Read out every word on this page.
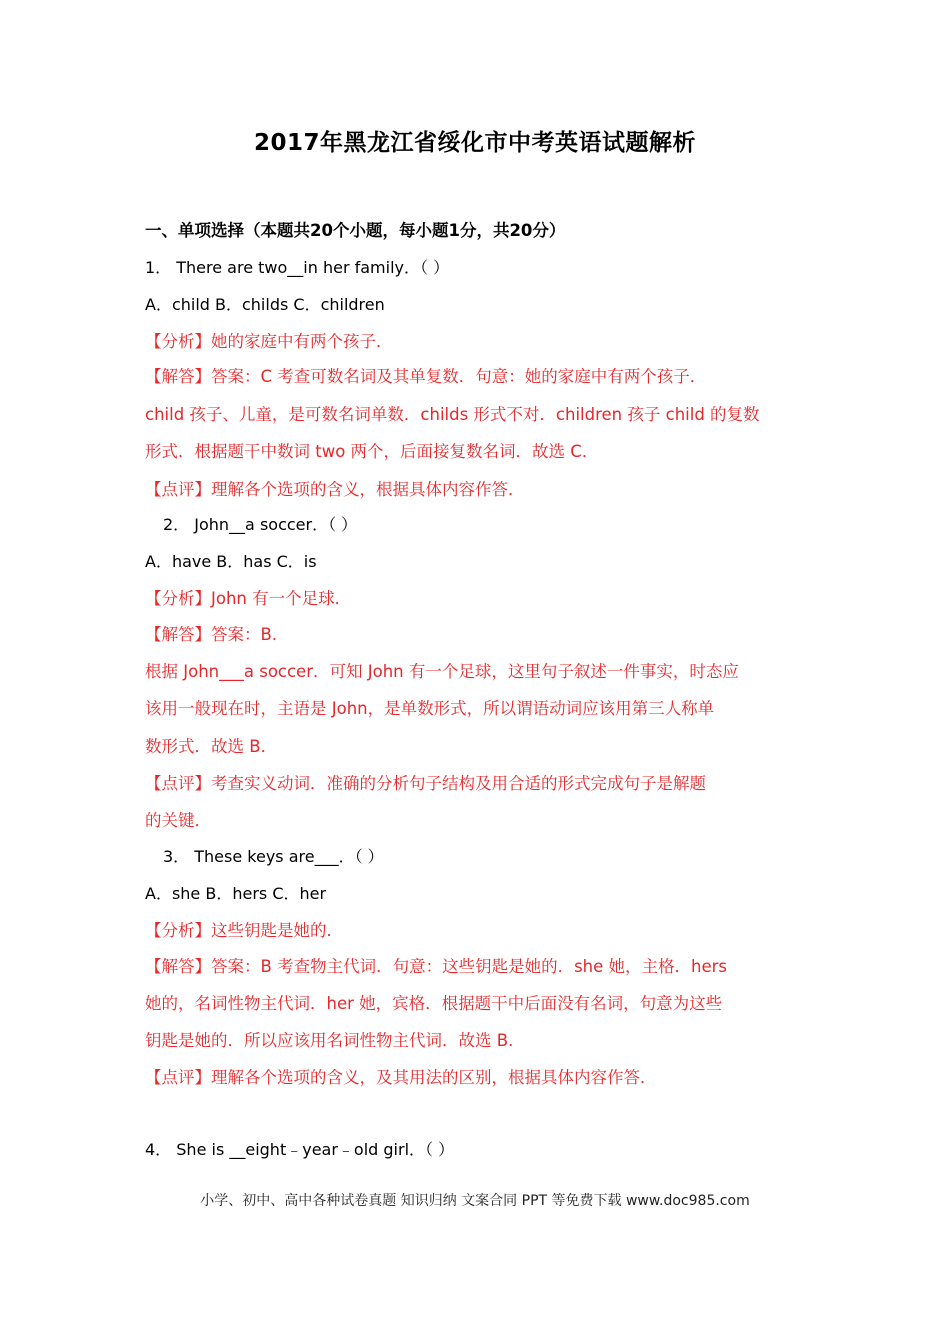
2017年黑龙江省绥化市中考英语试题解析
一、单项选择（本题共20个小题，每小题1分，共20分）
1． There are two__in her family．（ ）
A．child B．childs C．children
【分析】她的家庭中有两个孩子．
【解答】答案：C 考查可数名词及其单复数．句意：她的家庭中有两个孩子．
child 孩子、儿童，是可数名词单数．childs 形式不对．children 孩子 child 的复数
形式．根据题干中数词 two 两个，后面接复数名词．故选 C．
【点评】理解各个选项的含义，根据具体内容作答．
2． John__a soccer．（ ）
A．have B．has C．is
【分析】John 有一个足球．
【解答】答案：B．
根据 John___a soccer．可知 John 有一个足球，这里句子叙述一件事实，时态应
该用一般现在时，主语是 John，是单数形式，所以谓语动词应该用第三人称单
数形式．故选 B．
【点评】考查实义动词．准确的分析句子结构及用合适的形式完成句子是解题
的关键．
3． These keys are___．（ ）
A．she B．hers C．her
【分析】这些钥匙是她的．
【解答】答案：B 考查物主代词．句意：这些钥匙是她的．she 她，主格．hers
她的，名词性物主代词．her 她，宾格．根据题干中后面没有名词，句意为这些
钥匙是她的．所以应该用名词性物主代词．故选 B．
【点评】理解各个选项的含义，及其用法的区别，根据具体内容作答．
4． She is __eight﹣year﹣old girl．（ ）
小学、初中、高中各种试卷真题 知识归纳 文案合同 PPT 等免费下载 www.doc985.com
